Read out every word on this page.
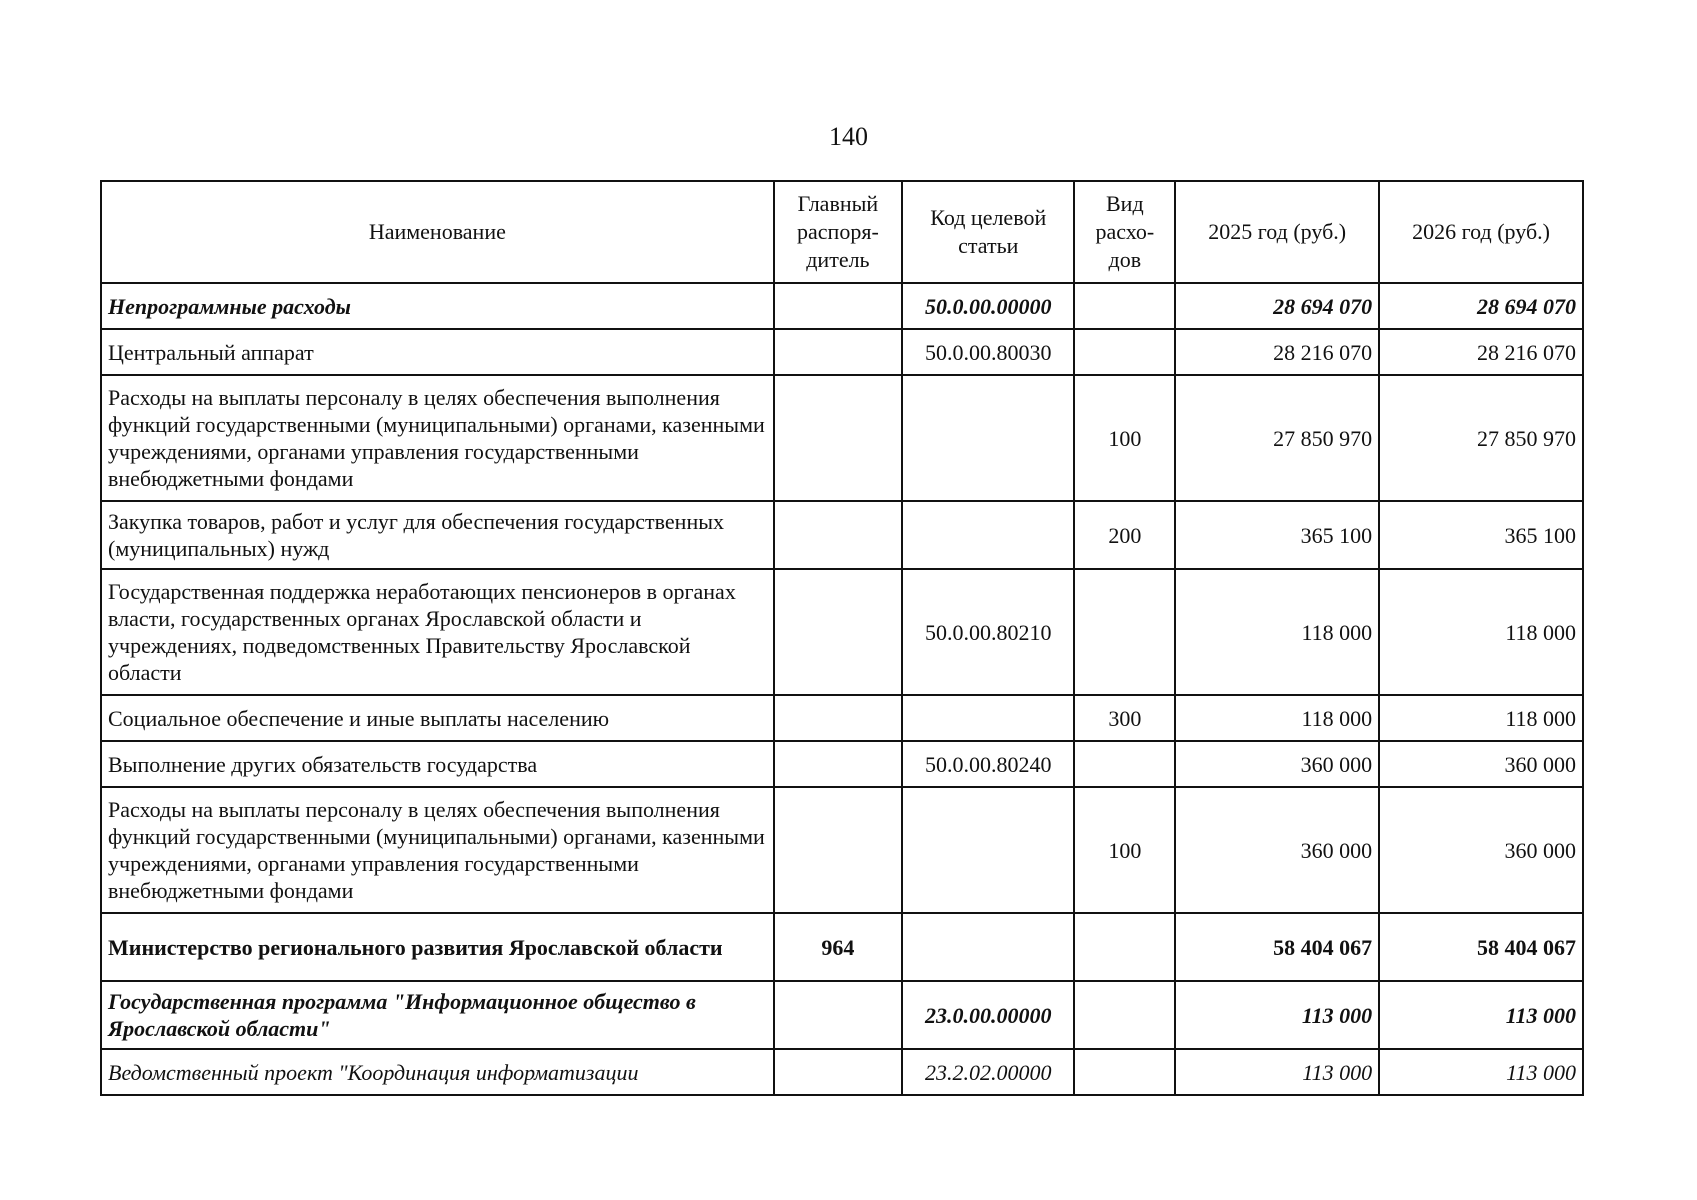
140
Наименование	Главный распоря-дитель	Код целевой статьи	Вид расхо-дов	2025 год (руб.)	2026 год (руб.)
Непрограммные расходы		50.0.00.00000		28 694 070	28 694 070
Центральный аппарат		50.0.00.80030		28 216 070	28 216 070
Расходы на выплаты персоналу в целях обеспечения выполнения функций государственными (муниципальными) органами, казенными учреждениями, органами управления государственными внебюджетными фондами			100	27 850 970	27 850 970
Закупка товаров, работ и услуг для обеспечения государственных (муниципальных) нужд			200	365 100	365 100
Государственная поддержка неработающих пенсионеров в органах власти, государственных органах Ярославской области и учреждениях, подведомственных Правительству Ярославской области		50.0.00.80210		118 000	118 000
Социальное обеспечение и иные выплаты населению			300	118 000	118 000
Выполнение других обязательств государства		50.0.00.80240		360 000	360 000
Расходы на выплаты персоналу в целях обеспечения выполнения функций государственными (муниципальными) органами, казенными учреждениями, органами управления государственными внебюджетными фондами			100	360 000	360 000
Министерство регионального развития Ярославской области	964			58 404 067	58 404 067
Государственная программа "Информационное общество в Ярославской области"		23.0.00.00000		113 000	113 000
Ведомственный проект "Координация информатизации		23.2.02.00000		113 000	113 000
